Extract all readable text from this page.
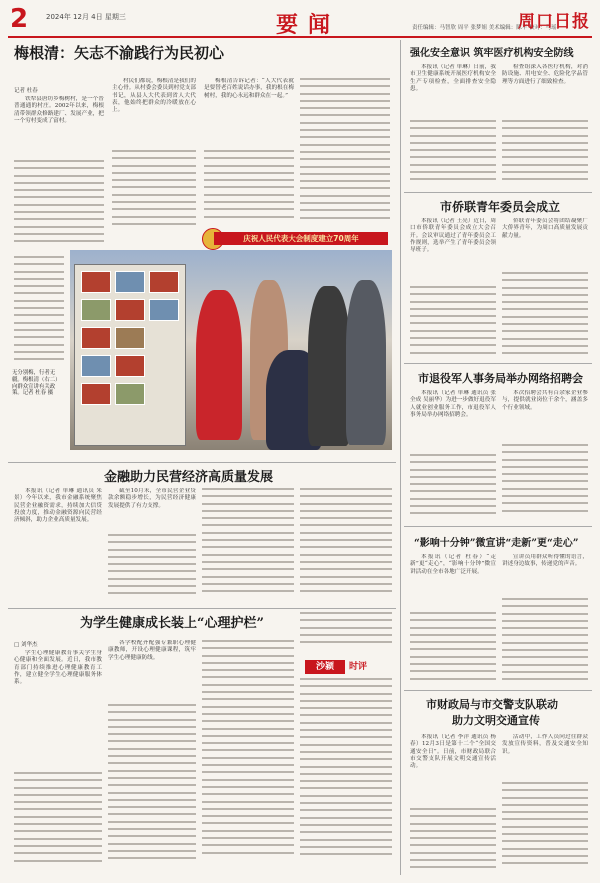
2	2024年 12月 4日 星期三	要闻	责任编辑：马智欣 周平 张梦姐 美术编辑：陈平 校对：马瑶
周口日报
梅根清：矢志不渝践行为民初心
记者 杜春
铁犁县唐坊乡梅树村，是一个普普通通的村庄。2002年以来，梅根清带领群众修路建厂、发展产业，把一个穷村变成了富村。
村民们都说，梅根清是我们的主心骨。从村委会委员到村党支部书记，从县人大代表到省人大代表，他始终把群众的冷暖放在心上。
梅根清告诉记者：“人大代表就是要替老百姓说话办事，我的根在梅树村，我的心永远和群众在一起。”
庆祝人民代表大会制度建立70周年
无分别梅，行者无疆。梅根清（右二）向群众宣讲有关政策。记者 杜春 摄
金融助力民营经济高质量发展
本报讯（记者 单琳 通讯员 朱景）今年以来，我市金融系统聚焦民营企业融资需求，持续加大信贷投放力度，推动金融资源向民营经济倾斜，助力企业高质量发展。
截至10月末，全市民营企业贷款余额稳步增长，为民营经济健康发展提供了有力支撑。
为学生健康成长装上“心理护栏”
□ 刘华杰
学生心理健康教育事关学生身心健康和全面发展。近日，我市教育部门持续推进心理健康教育工作，建立健全学生心理健康服务体系。
各学校配齐配强专兼职心理健康教师，开设心理健康课程，筑牢学生心理健康防线。
沙颍	时评
强化安全意识 筑牢医疗机构安全防线
本报讯（记者 单琳）日前，我市卫生健康系统开展医疗机构安全生产专项检查，全面排查安全隐患。
检查组深入各医疗机构，对消防设施、用电安全、危险化学品管理等方面进行了细致检查。
市侨联青年委员会成立
本报讯（记者 王亮）近日，周口市侨联青年委员会成立大会召开。会议审议通过了青年委员会工作规则，选举产生了青年委员会领导班子。
侨联青年委员会将团结凝聚广大侨界青年，为周口高质量发展贡献力量。
市退役军人事务局举办网络招聘会
本报讯（记者 单琳 通讯员 张全成 吴丽华）为进一步做好退役军人就业创业服务工作，市退役军人事务局举办网络招聘会。
本次招聘会共有百余家企业参与，提供就业岗位千余个，涵盖多个行业领域。
“影响十分钟”微宣讲“走新”更“走心”
本报讯（记者 杜春）“走新”更“走心”，“影响十分钟”微宣讲活动在全市各地广泛开展。
宣讲员用群众听得懂的语言，讲述身边故事，传递党的声音。
市财政局与市交警支队联动
助力文明交通宣传
本报讯（记者 李洋 通讯员 杨春）12月3日是第十二个“全国交通安全日”。日前，市财政局联合市交警支队开展文明交通宣传活动。
活动中，工作人员向过往群众发放宣传资料，普及交通安全知识。
